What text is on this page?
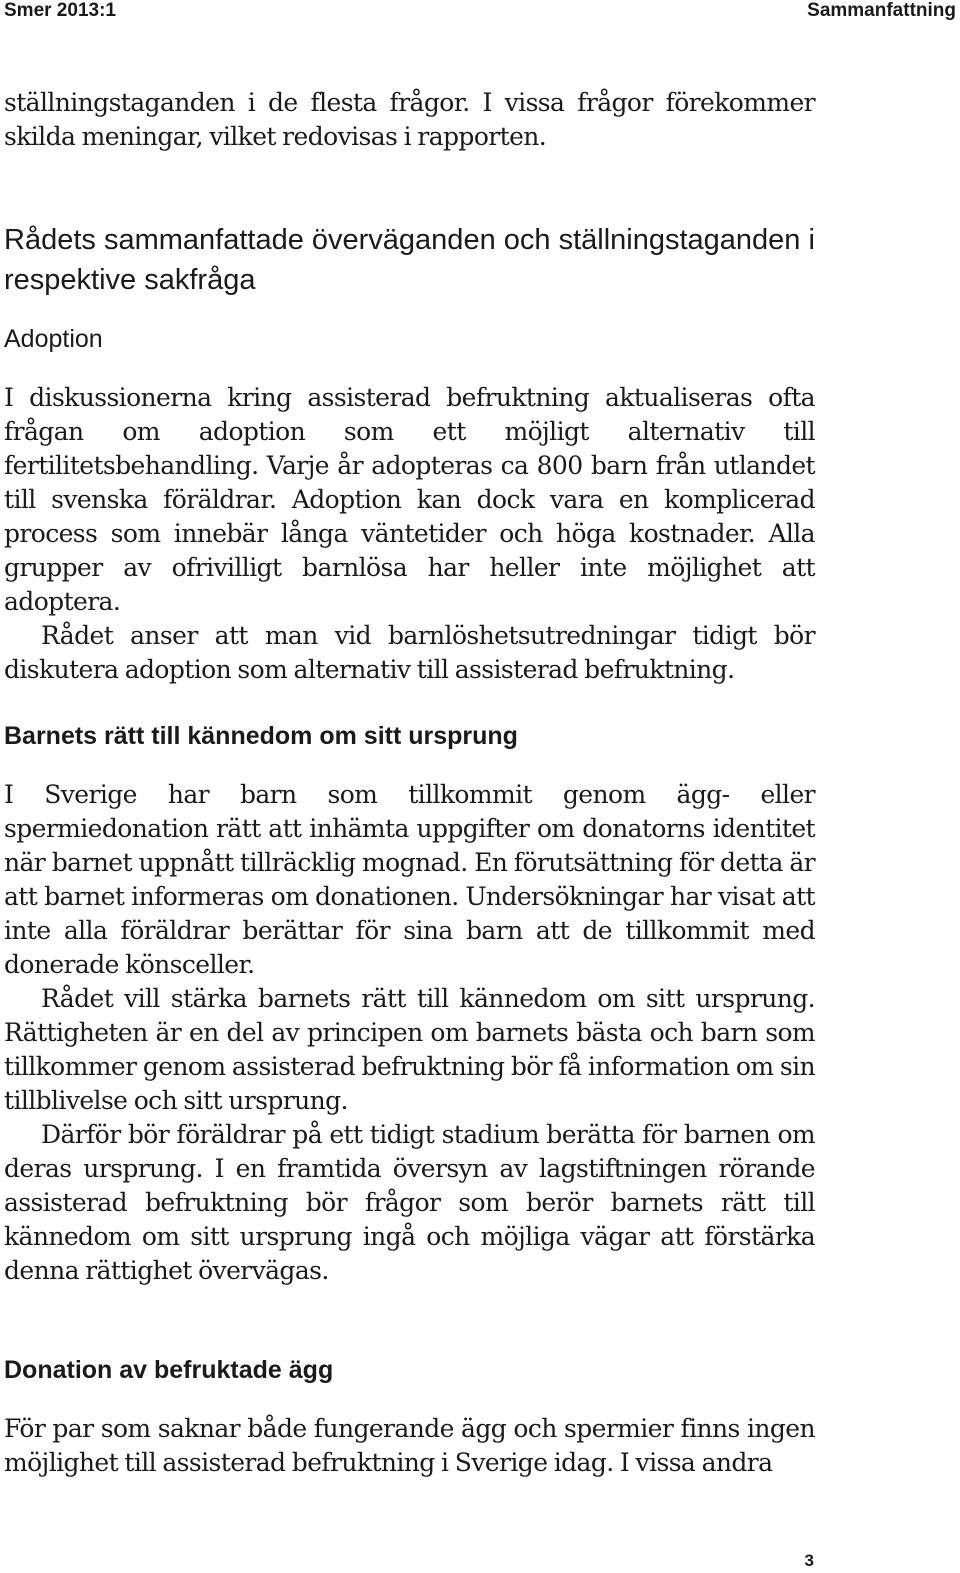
Smer 2013:1	Sammanfattning

ställningstaganden i de flesta frågor. I vissa frågor förekommer skilda meningar, vilket redovisas i rapporten.

Rådets sammanfattade överväganden och ställningstaganden i respektive sakfråga
Adoption

I diskussionerna kring assisterad befruktning aktualiseras ofta frågan om adoption som ett möjligt alternativ till fertilitetsbehandling. Varje år adopteras ca 800 barn från utlandet till svenska föräldrar. Adoption kan dock vara en komplicerad process som innebär långa väntetider och höga kostnader. Alla grupper av ofrivilligt barnlösa har heller inte möjlighet att adoptera.

Rådet anser att man vid barnlöshetsutredningar tidigt bör diskutera adoption som alternativ till assisterad befruktning.

Barnets rätt till kännedom om sitt ursprung

I Sverige har barn som tillkommit genom ägg- eller spermiedonation rätt att inhämta uppgifter om donatorns identitet när barnet uppnått tillräcklig mognad. En förutsättning för detta är att barnet informeras om donationen. Undersökningar har visat att inte alla föräldrar berättar för sina barn att de tillkommit med donerade könsceller.

Rådet vill stärka barnets rätt till kännedom om sitt ursprung. Rättigheten är en del av principen om barnets bästa och barn som tillkommer genom assisterad befruktning bör få information om sin tillblivelse och sitt ursprung.

Därför bör föräldrar på ett tidigt stadium berätta för barnen om deras ursprung. I en framtida översyn av lagstiftningen rörande assisterad befruktning bör frågor som berör barnets rätt till kännedom om sitt ursprung ingå och möjliga vägar att förstärka denna rättighet övervägas.

Donation av befruktade ägg

För par som saknar både fungerande ägg och spermier finns ingen möjlighet till assisterad befruktning i Sverige idag. I vissa andra

3
